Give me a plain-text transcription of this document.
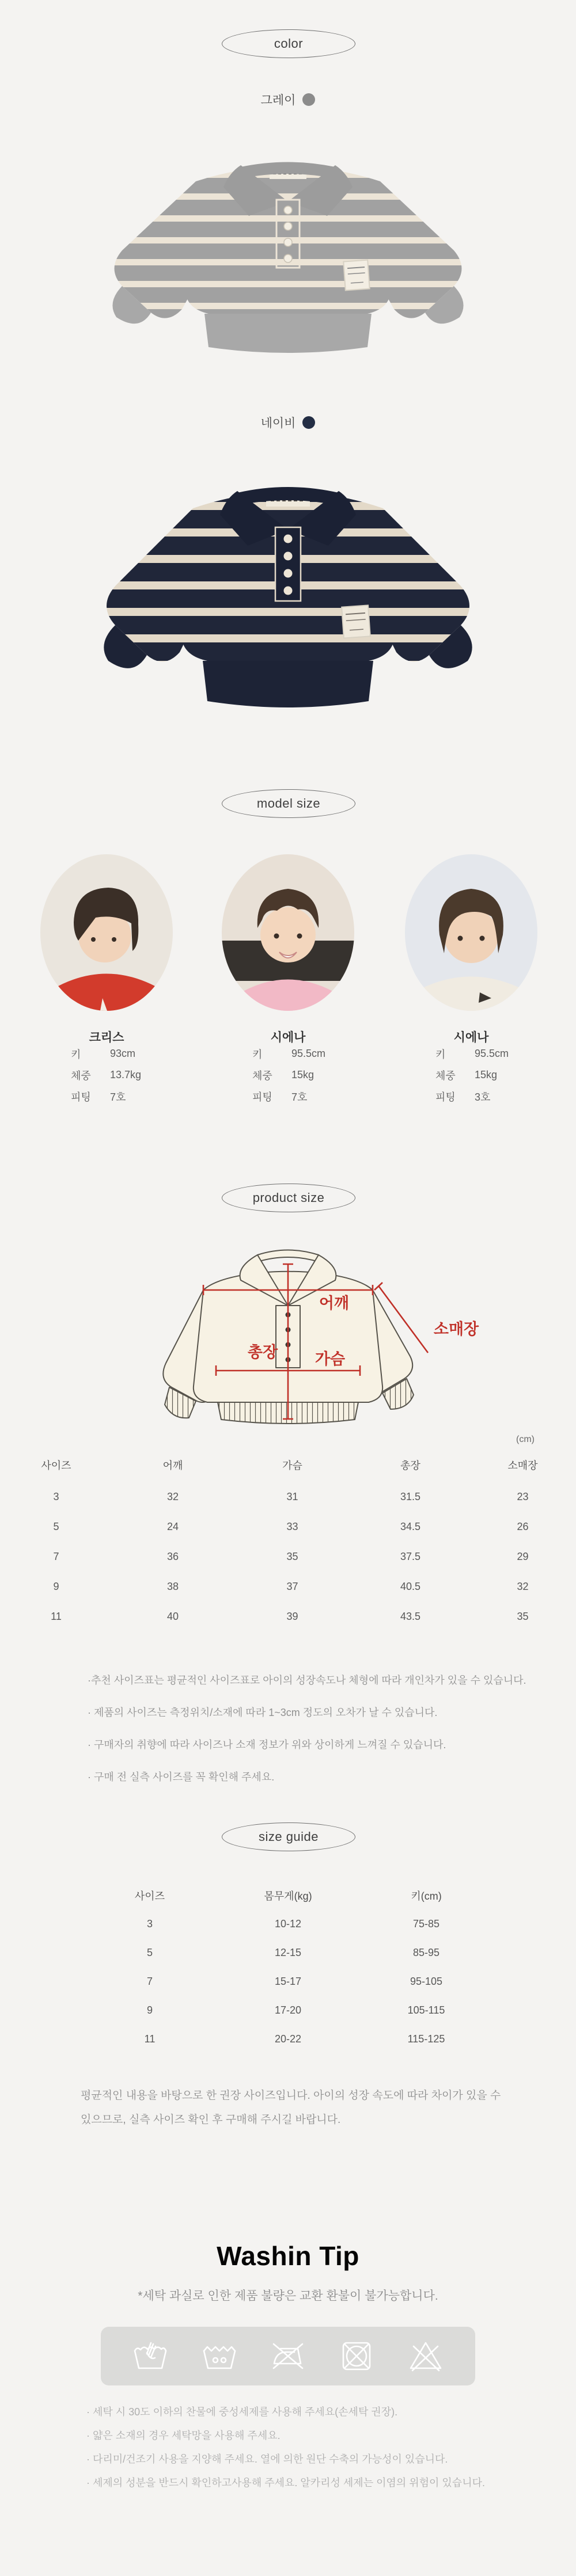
color
그레이
네이비
model size
크리스	시에나	시에나
키	93cm
체중	13.7kg
피팅	7호
키	95.5cm
체중	15kg
피팅	7호
키	95.5cm
체중	15kg
피팅	3호
product size
어깨
총장 가슴
소매장
(cm)
사이즈	어깨	가슴	총장	소매장
3	32	31	31.5	23
5	24	33	34.5	26
7	36	35	37.5	29
9	38	37	40.5	32
11	40	39	43.5	35

·추천 사이즈표는 평균적인 사이즈표로 아이의 성장속도나 체형에 따라 개인차가 있을 수 있습니다.

· 제품의 사이즈는 측정위치/소재에 따라 1~3cm 정도의 오차가 날 수 있습니다.

· 구매자의 취향에 따라 사이즈나 소재 정보가 위와 상이하게 느껴질 수 있습니다.

· 구매 전 실측 사이즈를 꼭 확인해 주세요.

size guide
사이즈	몸무게(kg)	키(cm)
3	10-12	75-85
5	12-15	85-95
7	15-17	95-105
9	17-20	105-115
11	20-22	115-125
평균적인 내용을 바탕으로 한 권장 사이즈입니다. 아이의 성장 속도에 따라 차이가 있을 수 있으므로, 실측 사이즈 확인 후 구매해 주시길 바랍니다.
Washin Tip
*세탁 과실로 인한 제품 불량은 교환 환불이 불가능합니다.

· 세탁 시 30도 이하의 찬물에 중성세제를 사용해 주세요(손세탁 권장).

· 얇은 소재의 경우 세탁망을 사용해 주세요.

· 다리미/건조기 사용을 지양해 주세요. 열에 의한 원단 수축의 가능성이 있습니다.

· 세제의 성분을 반드시 확인하고사용해 주세요. 알카리성 세제는 이염의 위험이 있습니다.
